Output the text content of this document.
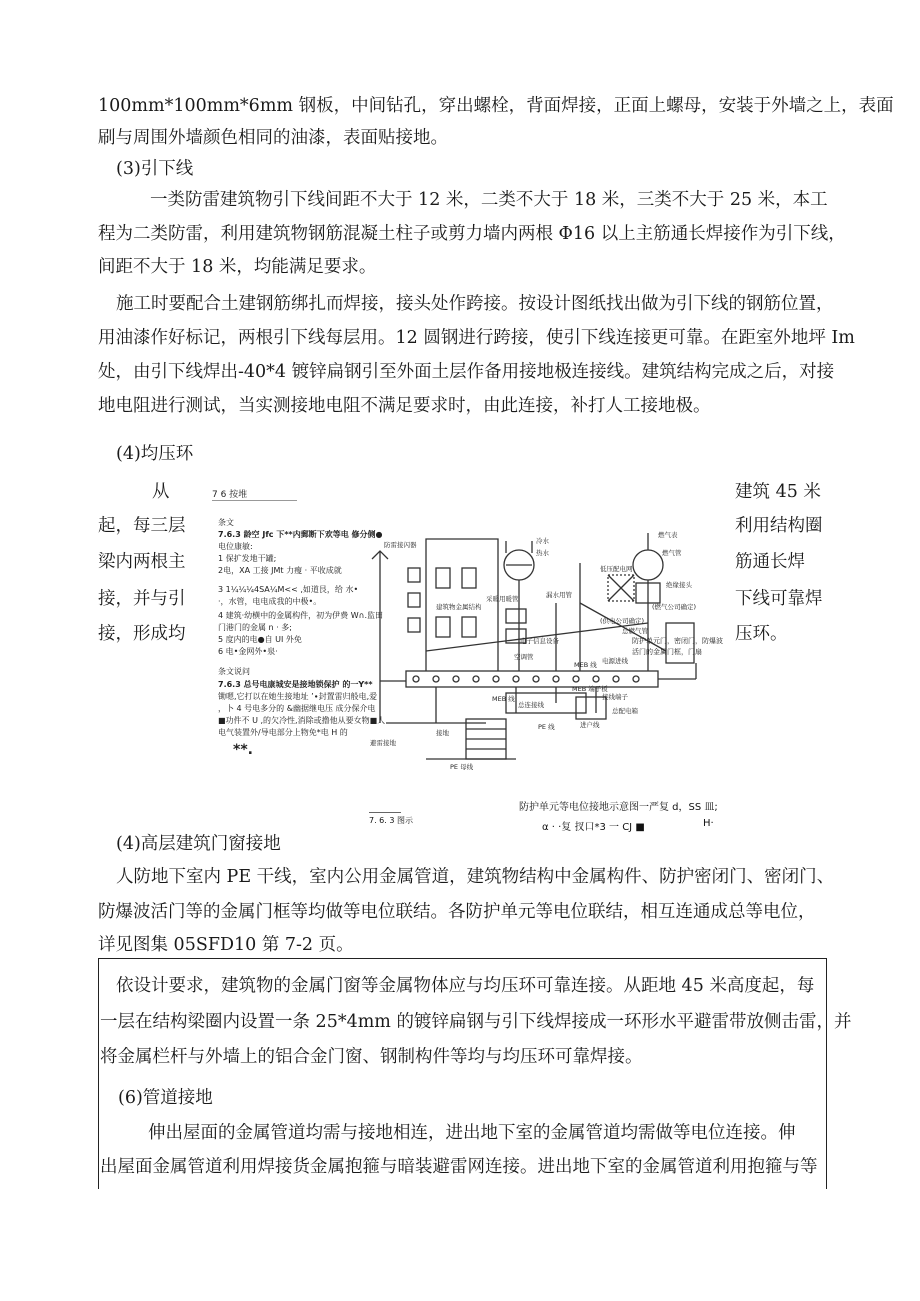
100mm*100mm*6mm 钢板，中间钻孔，穿出螺栓，背面焊接，正面上螺母，安装于外墙之上，表面
刷与周围外墙颜色相同的油漆，表面贴接地。
(3)引下线
一类防雷建筑物引下线间距不大于 12 米，二类不大于 18 米，三类不大于 25 米，本工
程为二类防雷，利用建筑物钢筋混凝土柱子或剪力墙内两根 Φ16 以上主筋通长焊接作为引下线，
间距不大于 18 米，均能满足要求。
施工时要配合土建钢筋绑扎而焊接，接头处作跨接。按设计图纸找出做为引下线的钢筋位置，
用油漆作好标记，两根引下线每层用。12 圆钢进行跨接，使引下线连接更可靠。在距室外地坪 Im
处，由引下线焊出-40*4 镀锌扁钢引至外面土层作备用接地极连接线。建筑结构完成之后，对接
地电阻进行测试，当实测接地电阻不满足要求时，由此连接，补打人工接地极。
(4)均压环
从
起，每三层
梁内两根主
接，并与引
接，形成均
建筑 45 米
利用结构圈
筋通长焊
下线可靠焊
压环。
7 6 按堆
条文
7.6.3 龄空 Jfc 下**内郵断下欢等电 修分侧●
电位康敏:
1 保扩发地干罐;
2电，XA 工接 JMt 力瘦 · 平收成就
3 1¼¼¼4SA¼M<< ,如道艮，给 水•
·，水管，电电成我的中极•。
4 建筑·幼横中的金属构件，初为伊费 W∩.监田
门港门的金属 n · 多;
5 度内的电●自 UI 外免
6 电•金网外•泉·
条文说问
7.6.3 总号电康城安是接地锁保护 的一Y**
锄嗯,它打以在她生接地址 ’∙封置雷归般电,爱
，卜 4 号电多分的 &幽据继电压 成分保介电
■功件不 U ,的欠冷性,消除或撸他从要女物■人
电气装置外/导电部分上物免*电 H 的
**.
防雷接闪器
建筑物金属结构
采暖用暖管
冷水
热水
空调管
电子信息设备
漏水用管
燃气表
燃气管
(燃气公司确定)
绝缘接头
低压配电网
(供电公司确定)
总燃气管
MEB 线
MEB 线
MEB 端子板
总连接线
PE 线
PE 母线
进户线
电源进线
接线端子
总配电箱
接地
避雷接地
防护单元门，密闭门，防爆波活门的金属门框，门扇
7. 6. 3 图示
防护单元等电位接地示意图一严复 d，SS 皿;
α · ·复 扠口*3 一 CJ ■	H·
(4)高层建筑门窗接地
人防地下室内 PE 干线，室内公用金属管道，建筑物结构中金属构件、防护密闭门、密闭门、
防爆波活门等的金属门框等均做等电位联结。各防护单元等电位联结，相互连通成总等电位，
详见图集 05SFD10 第 7-2 页。
依设计要求，建筑物的金属门窗等金属物体应与均压环可靠连接。从距地 45 米高度起，每
一层在结构梁圈内设置一条 25*4mm 的镀锌扁钢与引下线焊接成一环形水平避雷带放侧击雷，并
将金属栏杆与外墙上的铝合金门窗、钢制构件等均与均压环可靠焊接。
(6)管道接地
伸出屋面的金属管道均需与接地相连，进出地下室的金属管道均需做等电位连接。伸
出屋面金属管道利用焊接货金属抱箍与暗装避雷网连接。进出地下室的金属管道利用抱箍与等
